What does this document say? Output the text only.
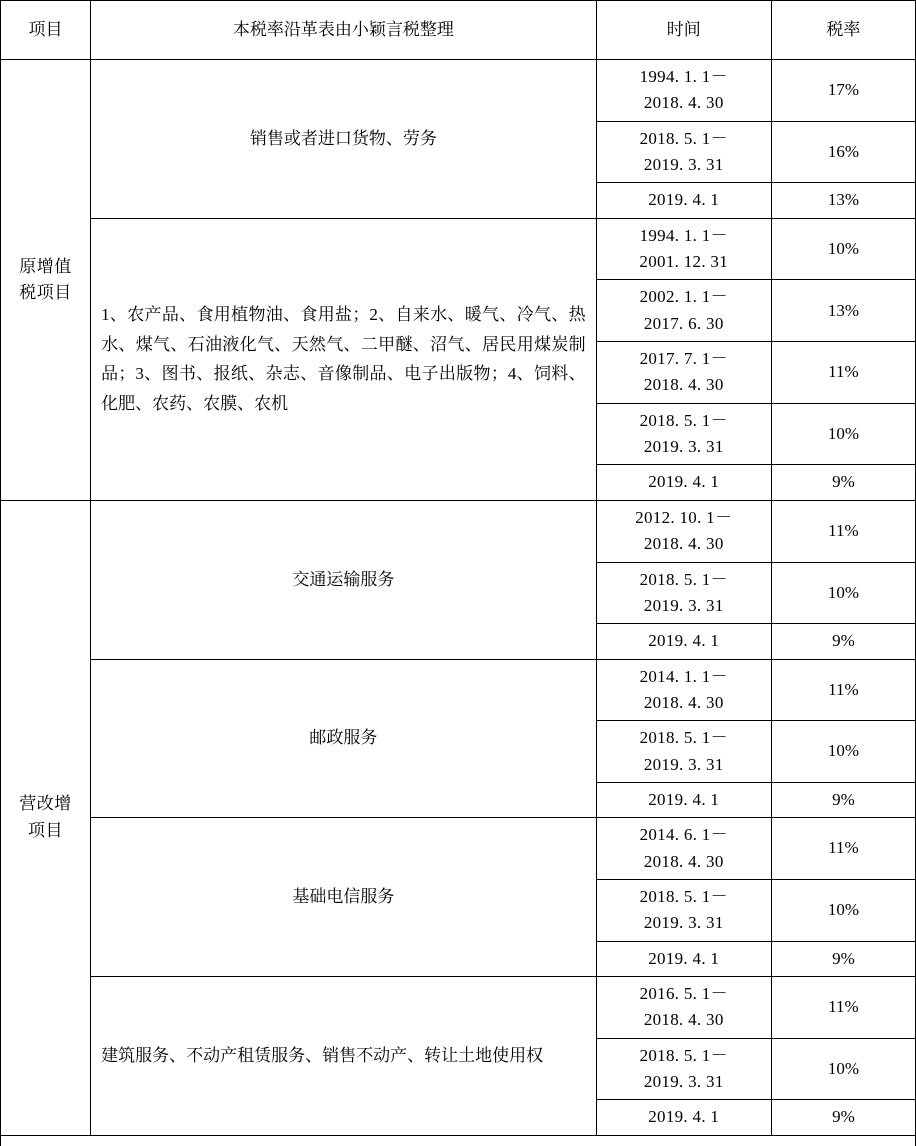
项目	本税率沿革表由小颖言税整理	时间	税率

原增值
税项目
	销售或者进口货物、劳务	
1994. 1. 1－
2018. 4. 30
	17%

		2018. 5. 1－
2019. 3. 31	16%

		2019. 4. 1	13%
	1、农产品、食用植物油、食用盐；2、自来水、暖气、冷气、热水、煤气、石油液化气、天然气、二甲醚、沼气、居民用煤炭制品；3、图书、报纸、杂志、音像制品、电子出版物；4、饲料、化肥、农药、农膜、农机	1994. 1. 1－
2001. 12. 31	10%

		2002. 1. 1－
2017. 6. 30	13%

		2017. 7. 1－
2018. 4. 30	11%

		2018. 5. 1－
2019. 3. 31	10%

		2019. 4. 1	9%

营改增
项目
	交通运输服务	
2012. 10. 1－
2018. 4. 30
	11%

		2018. 5. 1－
2019. 3. 31	10%

		2019. 4. 1	9%
	邮政服务	2014. 1. 1－
2018. 4. 30	11%

		2018. 5. 1－
2019. 3. 31	10%

		2019. 4. 1	9%
	基础电信服务	2014. 6. 1－
2018. 4. 30	11%

		2018. 5. 1－
2019. 3. 31	10%

		2019. 4. 1	9%
	建筑服务、不动产租赁服务、销售不动产、转让土地使用权	2016. 5. 1－
2018. 4. 30	11%

		2018. 5. 1－
2019. 3. 31	10%

		2019. 4. 1	9%
